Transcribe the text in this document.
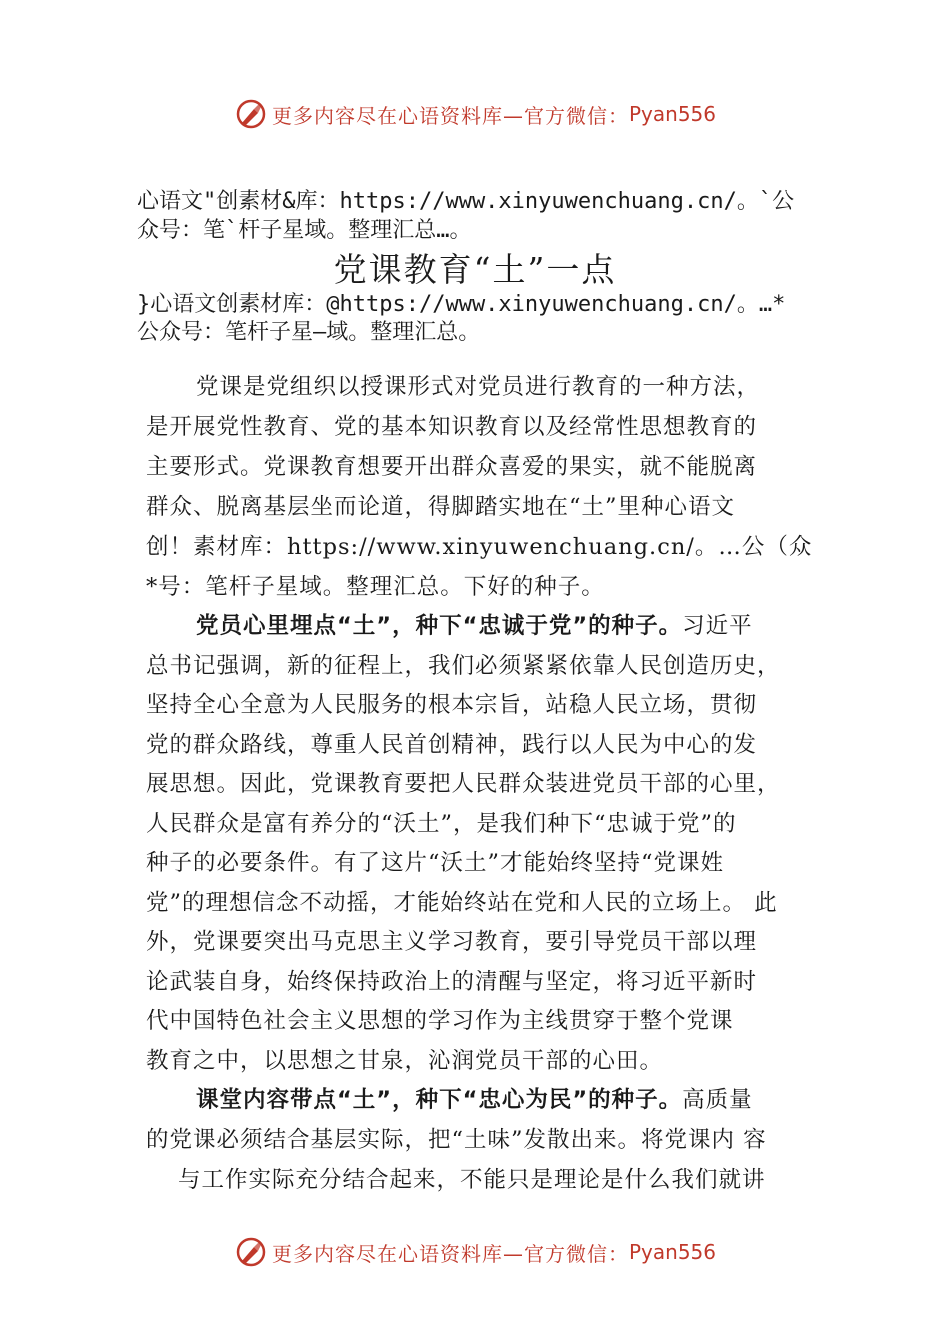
更多内容尽在心语资料库—官方微信： Pyan556
心语文"创素材&库：https://www.xinyuwenchuang.cn/。`公
众号：笔`杆子星域。整理汇总…。
党课教育“土”一点
}心语文创素材库：@https://www.xinyuwenchuang.cn/。…*
公众号：笔杆子星—域。整理汇总。
党课是党组织以授课形式对党员进行教育的一种方法，
是开展党性教育、党的基本知识教育以及经常性思想教育的
主要形式。党课教育想要开出群众喜爱的果实，就不能脱离
群众、脱离基层坐而论道，得脚踏实地在“土”里种心语文
创！素材库：https://www.xinyuwenchuang.cn/。…公（众
*号：笔杆子星域。整理汇总。下好的种子。
党员心里埋点“土”，种下“忠诚于党”的种子。习近平
总书记强调，新的征程上，我们必须紧紧依靠人民创造历史，
坚持全心全意为人民服务的根本宗旨，站稳人民立场，贯彻
党的群众路线，尊重人民首创精神，践行以人民为中心的发
展思想。因此，党课教育要把人民群众装进党员干部的心里，
人民群众是富有养分的“沃土”，是我们种下“忠诚于党”的
种子的必要条件。有了这片“沃土”才能始终坚持“党课姓
党”的理想信念不动摇，才能始终站在党和人民的立场上。 此
外，党课要突出马克思主义学习教育，要引导党员干部以理
论武装自身，始终保持政治上的清醒与坚定，将习近平新时
代中国特色社会主义思想的学习作为主线贯穿于整个党课
教育之中，以思想之甘泉，沁润党员干部的心田。
课堂内容带点“土”，种下“忠心为民”的种子。高质量
的党课必须结合基层实际，把“土味”发散出来。将党课内 容
与工作实际充分结合起来，不能只是理论是什么我们就讲
更多内容尽在心语资料库—官方微信： Pyan556
